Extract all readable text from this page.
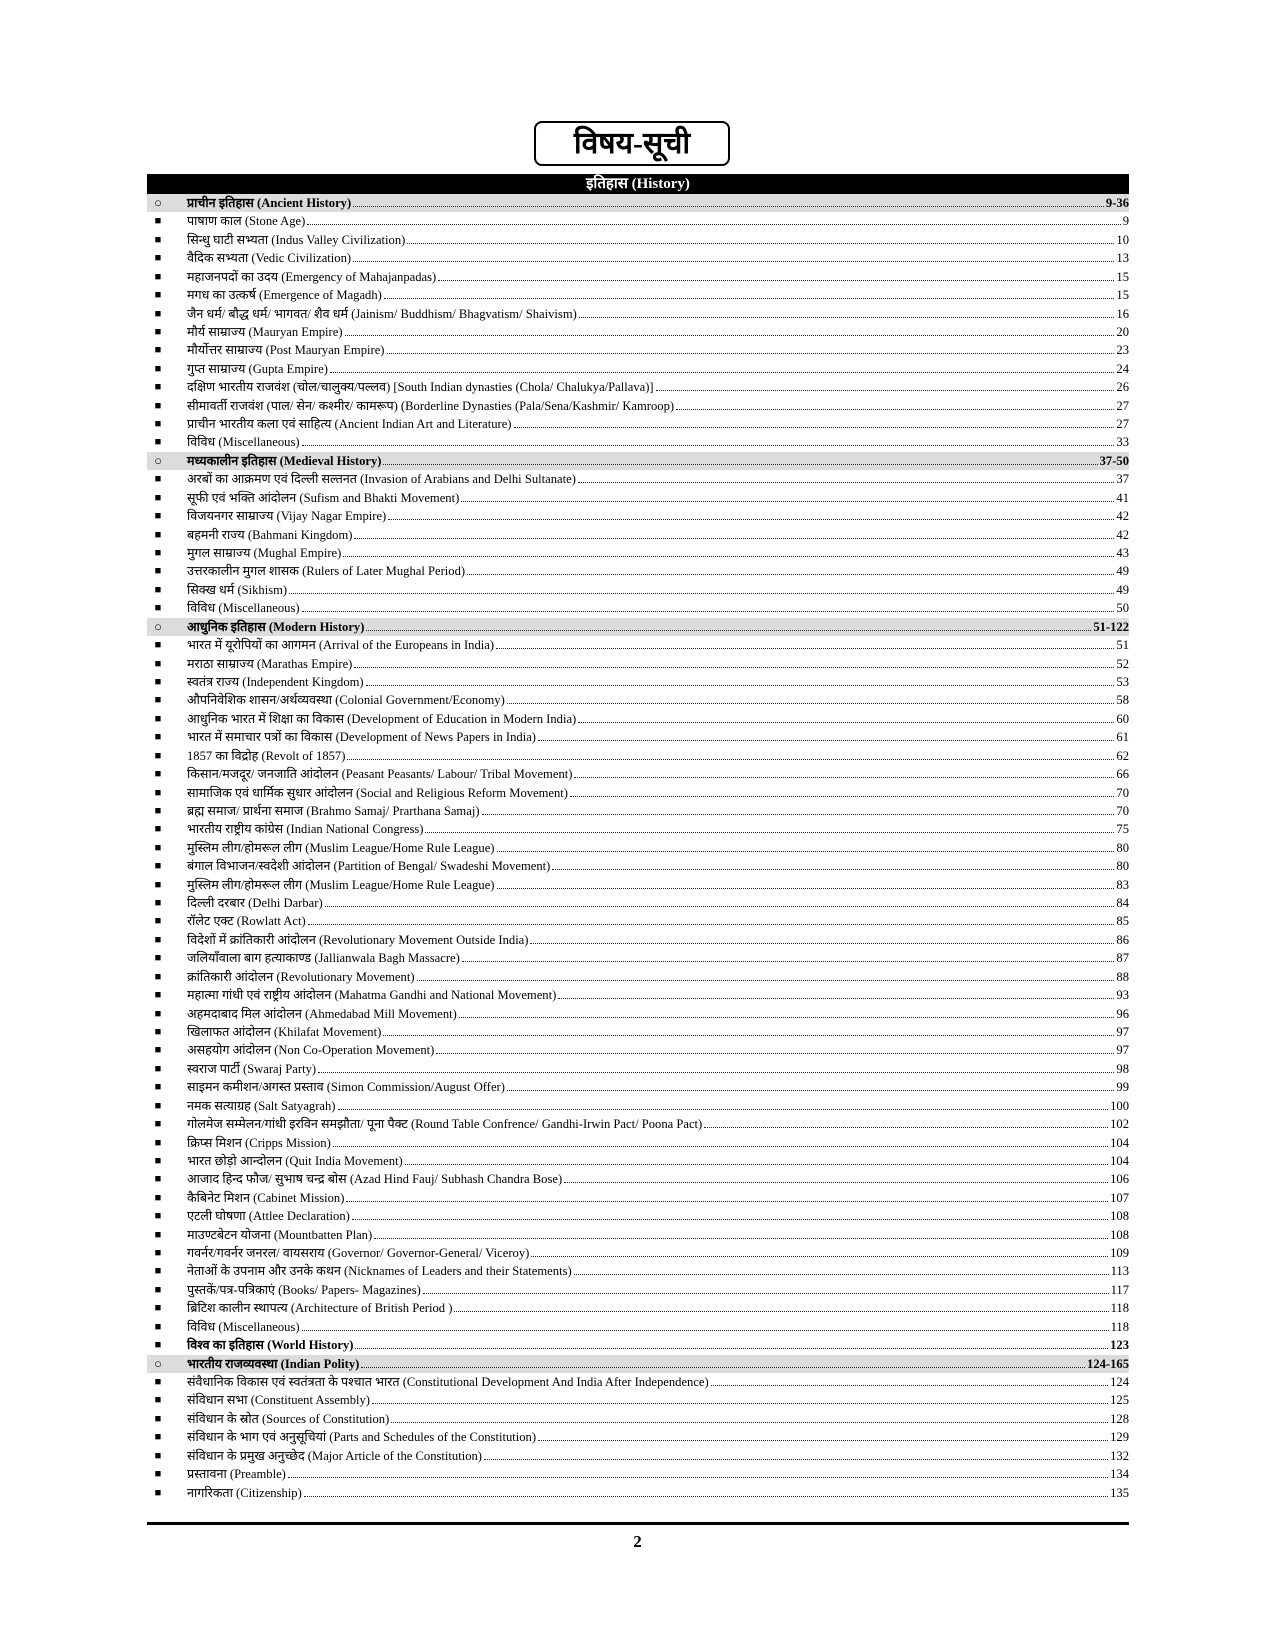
विषय-सूची
इतिहास (History)
○	प्राचीन इतिहास (Ancient History)	9-36
■	पाषाण काल (Stone Age)	9
■	सिन्धु घाटी सभ्यता (Indus Valley Civilization)	10
■	वैदिक सभ्यता (Vedic Civilization)	13
■	महाजनपदों का उदय (Emergency of Mahajanpadas)	15
■	मगध का उत्कर्ष (Emergence of Magadh)	15
■	जैन धर्म/ बौद्ध धर्म/ भागवत/ शैव धर्म (Jainism/ Buddhism/ Bhagvatism/ Shaivism)	16
■	मौर्य साम्राज्य (Mauryan Empire)	20
■	मौर्योत्तर साम्राज्य (Post Mauryan Empire)	23
■	गुप्त साम्राज्य (Gupta Empire)	24
■	दक्षिण भारतीय राजवंश (चोल/चालुक्य/पल्लव) [South Indian dynasties (Chola/ Chalukya/Pallava)]	26
■	सीमावर्ती राजवंश (पाल/ सेन/ कश्मीर/ कामरूप) (Borderline Dynasties (Pala/Sena/Kashmir/ Kamroop)	27
■	प्राचीन भारतीय कला एवं साहित्य (Ancient Indian Art and Literature)	27
■	विविध (Miscellaneous)	33
○	मध्यकालीन इतिहास (Medieval History)	37-50
■	अरबों का आक्रमण एवं दिल्ली सल्तनत (Invasion of Arabians and Delhi Sultanate)	37
■	सूफी एवं भक्ति आंदोलन (Sufism and Bhakti Movement)	41
■	विजयनगर साम्राज्य (Vijay Nagar Empire)	42
■	बहमनी राज्य (Bahmani Kingdom)	42
■	मुगल साम्राज्य (Mughal Empire)	43
■	उत्तरकालीन मुगल शासक (Rulers of Later Mughal Period)	49
■	सिक्ख धर्म (Sikhism)	49
■	विविध (Miscellaneous)	50
○	आधुनिक इतिहास (Modern History)	51-122
■	भारत में यूरोपियों का आगमन (Arrival of the Europeans in India)	51
■	मराठा साम्राज्य (Marathas Empire)	52
■	स्वतंत्र राज्य (Independent Kingdom)	53
■	औपनिवेशिक शासन/अर्थव्यवस्था (Colonial Government/Economy)	58
■	आधुनिक भारत में शिक्षा का विकास (Development of Education in Modern India)	60
■	भारत में समाचार पत्रों का विकास (Development of News Papers in India)	61
■	1857 का विद्रोह (Revolt of 1857)	62
■	किसान/मजदूर/ जनजाति आंदोलन (Peasant Peasants/ Labour/ Tribal Movement)	66
■	सामाजिक एवं धार्मिक सुधार आंदोलन (Social and Religious Reform Movement)	70
■	ब्रह्म समाज/ प्रार्थना समाज (Brahmo Samaj/ Prarthana Samaj)	70
■	भारतीय राष्ट्रीय कांग्रेस (Indian National Congress)	75
■	मुस्लिम लीग/होमरूल लीग (Muslim League/Home Rule League)	80
■	बंगाल विभाजन/स्वदेशी आंदोलन (Partition of Bengal/ Swadeshi Movement)	80
■	मुस्लिम लीग/होमरूल लीग (Muslim League/Home Rule League)	83
■	दिल्ली दरबार (Delhi Darbar)	84
■	रॉलेट एक्ट (Rowlatt Act)	85
■	विदेशों में क्रांतिकारी आंदोलन (Revolutionary Movement Outside India)	86
■	जलियाँवाला बाग हत्याकाण्ड (Jallianwala Bagh Massacre)	87
■	क्रांतिकारी आंदोलन (Revolutionary Movement)	88
■	महात्मा गांधी एवं राष्ट्रीय आंदोलन (Mahatma Gandhi and National Movement)	93
■	अहमदाबाद मिल आंदोलन (Ahmedabad Mill Movement)	96
■	खिलाफत आंदोलन (Khilafat Movement)	97
■	असहयोग आंदोलन (Non Co-Operation Movement)	97
■	स्वराज पार्टी (Swaraj Party)	98
■	साइमन कमीशन/अगस्त प्रस्ताव (Simon Commission/August Offer)	99
■	नमक सत्याग्रह (Salt Satyagrah)	100
■	गोलमेज सम्मेलन/गांधी इरविन समझौता/ पूना पैक्ट (Round Table Confrence/ Gandhi-Irwin Pact/ Poona Pact)	102
■	क्रिप्स मिशन (Cripps Mission)	104
■	भारत छोड़ो आन्दोलन (Quit India Movement)	104
■	आजाद हिन्द फौज/ सुभाष चन्द्र बोस (Azad Hind Fauj/ Subhash Chandra Bose)	106
■	कैबिनेट मिशन (Cabinet Mission)	107
■	एटली घोषणा (Attlee Declaration)	108
■	माउण्टबेटन योजना (Mountbatten Plan)	108
■	गवर्नर/गवर्नर जनरल/ वायसराय (Governor/ Governor-General/ Viceroy)	109
■	नेताओं के उपनाम और उनके कथन (Nicknames of Leaders and their Statements)	113
■	पुस्तकें/पत्र-पत्रिकाएं (Books/ Papers- Magazines)	117
■	ब्रिटिश कालीन स्थापत्य (Architecture of British Period )	118
■	विविध (Miscellaneous)	118
■	विश्व का इतिहास (World History)	123
○	भारतीय राजव्यवस्था (Indian Polity)	124-165
■	संवैधानिक विकास एवं स्वतंत्रता के पश्चात भारत (Constitutional Development And India After Independence)	124
■	संविधान सभा (Constituent Assembly)	125
■	संविधान के स्रोत (Sources of Constitution)	128
■	संविधान के भाग एवं अनुसूचियां (Parts and Schedules of the Constitution)	129
■	संविधान के प्रमुख अनुच्छेद (Major Article of the Constitution)	132
■	प्रस्तावना (Preamble)	134
■	नागरिकता (Citizenship)	135
2
